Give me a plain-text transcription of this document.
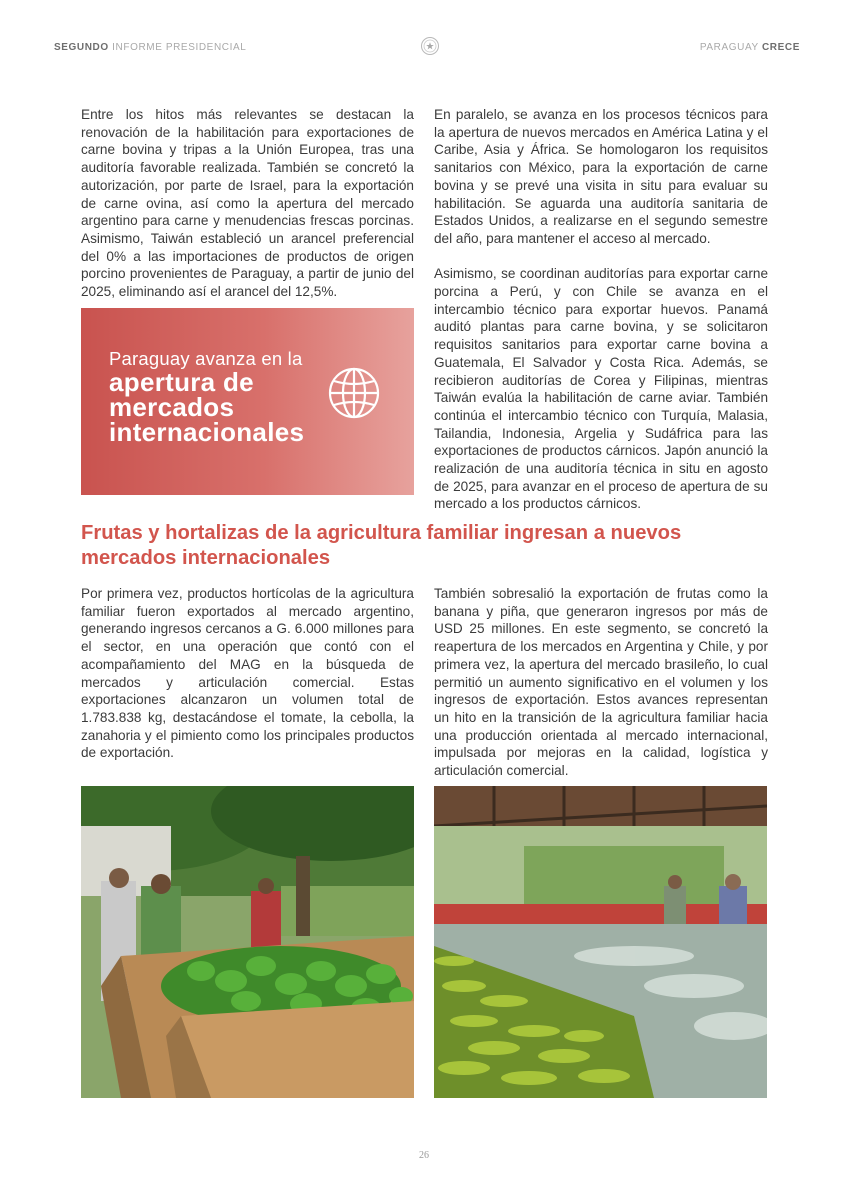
SEGUNDO INFORME PRESIDENCIAL	PARAGUAY CRECE

Entre los hitos más relevantes se destacan la renovación de la habilitación para exportaciones de carne bovina y tripas a la Unión Europea, tras una auditoría favorable realizada. También se concretó la autorización, por parte de Israel, para la exportación de carne ovina, así como la apertura del mercado argentino para carne y menudencias frescas porcinas. Asimismo, Taiwán estableció un arancel preferencial del 0% a las importaciones de productos de origen porcino provenientes de Paraguay, a partir de junio del 2025, eliminando así el arancel del 12,5%.

Paraguay avanza en la
apertura de
mercados
internacionales

En paralelo, se avanza en los procesos técnicos para la apertura de nuevos mercados en América Latina y el Caribe, Asia y África. Se homologaron los requisitos sanitarios con México, para la exportación de carne bovina y se prevé una visita in situ para evaluar su habilitación. Se aguarda una auditoría sanitaria de Estados Unidos, a realizarse en el segundo semestre del año, para mantener el acceso al mercado.

Asimismo, se coordinan auditorías para exportar carne porcina a Perú, y con Chile se avanza en el intercambio técnico para exportar huevos. Panamá auditó plantas para carne bovina, y se solicitaron requisitos sanitarios para exportar carne bovina a Guatemala, El Salvador y Costa Rica. Además, se recibieron auditorías de Corea y Filipinas, mientras Taiwán evalúa la habilitación de carne aviar. También continúa el intercambio técnico con Turquía, Malasia, Tailandia, Indonesia, Argelia y Sudáfrica para las exportaciones de productos cárnicos. Japón anunció la realización de una auditoría técnica in situ en agosto de 2025, para avanzar en el proceso de apertura de su mercado a los productos cárnicos.

Frutas y hortalizas de la agricultura familiar ingresan a nuevos mercados internacionales

Por primera vez, productos hortícolas de la agricultura familiar fueron exportados al mercado argentino, generando ingresos cercanos a G. 6.000 millones para el sector, en una operación que contó con el acompañamiento del MAG en la búsqueda de mercados y articulación comercial. Estas exportaciones alcanzaron un volumen total de 1.783.838 kg, destacándose el tomate, la cebolla, la zanahoria y el pimiento como los principales productos de exportación.

También sobresalió la exportación de frutas como la banana y piña, que generaron ingresos por más de USD 25 millones. En este segmento, se concretó la reapertura de los mercados en Argentina y Chile, y por primera vez, la apertura del mercado brasileño, lo cual permitió un aumento significativo en el volumen y los ingresos de exportación. Estos avances representan un hito en la transición de la agricultura familiar hacia una producción orientada al mercado internacional, impulsada por mejoras en la calidad, logística y articulación comercial.

26
